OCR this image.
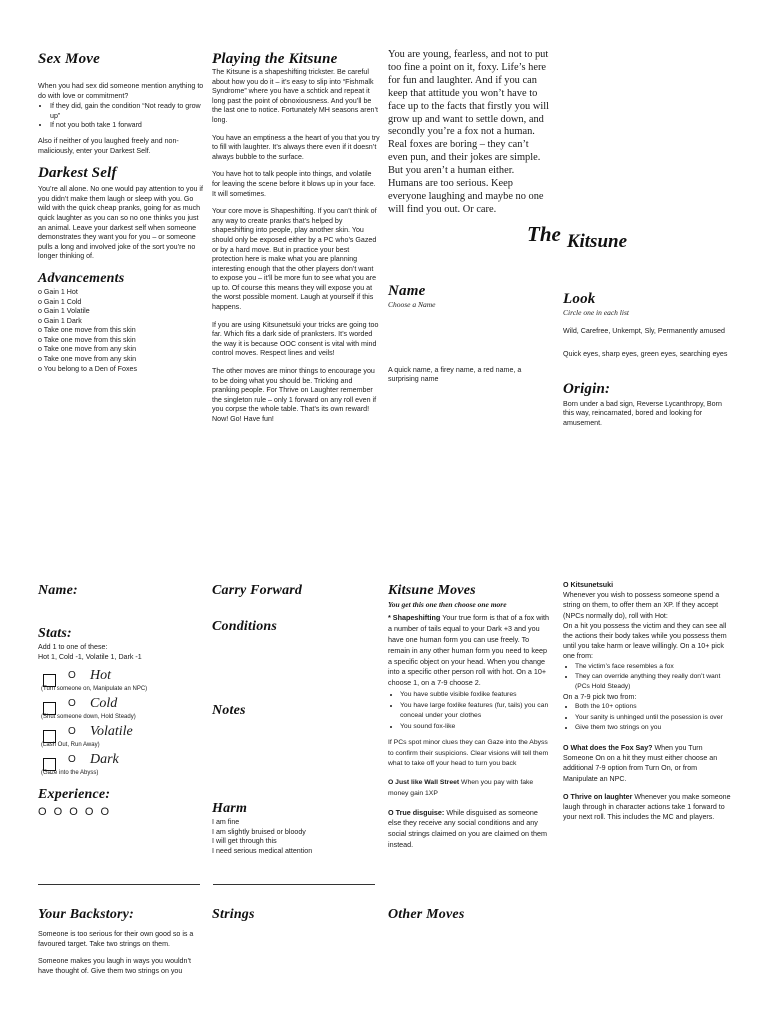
Sex Move

When you had sex did someone mention anything to do with love or commitment?

• If they did, gain the condition “Not ready to grow up”
• If not you both take 1 forward

Also if neither of you laughed freely and non-maliciously, enter your Darkest Self.

Darkest Self

You’re all alone. No one would pay attention to you if you didn’t make them laugh or sleep with you. Go wild with the quick cheap pranks, going for as much quick laughter as you can so no one thinks you just an animal. Leave your darkest self when someone demonstrates they want you for you – or someone pulls a long and involved joke of the sort you’re no longer thinking of.

Advancements
o Gain 1 Hot
o Gain 1 Cold
o Gain 1 Volatile
o Gain 1 Dark
o Take one move from this skin
o Take one move from this skin
o Take one move from any skin
o Take one move from any skin
o You belong to a Den of Foxes
Playing the Kitsune

The Kitsune is a shapeshifting trickster. Be careful about how you do it – it’s easy to slip into “Fishmalk Syndrome” where you have a schtick and repeat it long past the point of obnoxiousness. And you’ll be the last one to notice. Fortunately MH seasons aren’t long.

You have an emptiness a the heart of you that you try to fill with laughter. It’s always there even if it doesn’t always bubble to the surface.

You have hot to talk people into things, and volatile for leaving the scene before it blows up in your face. It will sometimes.

Your core move is Shapeshifting. If you can’t think of any way to create pranks that’s helped by shapeshifting into people, play another skin. You should only be exposed either by a PC who’s Gazed or by a hard move. But in practice your best protection here is make what you are planning interesting enough that the other players don’t want to expose you – it’ll be more fun to see what you are up to. Of course this means they will expose you at the worst possible moment. Laugh at yourself if this happens.

If you are using Kitsunetsuki your tricks are going too far. Which fits a dark side of pranksters. It’s worded the way it is because OOC consent is vital with mind control moves. Respect lines and veils!

The other moves are minor things to encourage you to be doing what you should be. Tricking and pranking people. For Thrive on Laughter remember the singleton rule – only 1 forward on any roll even if you corpse the whole table. That’s its own reward! Now! Go! Have fun!

You are young, fearless, and not to put too fine a point on it, foxy. Life’s here for fun and laughter. And if you can keep that attitude you won’t have to face up to the facts that firstly you will grow up and want to settle down, and secondly you’re a fox not a human. Real foxes are boring – they can’t even pun, and their jokes are simple. But you aren’t a human either. Humans are too serious. Keep everyone laughing and maybe no one will find you out. Or care.
The Kitsune
Name
Choose a Name
A quick name, a firey name, a red name, a surprising name
Look
Circle one in each list

Wild, Carefree, Unkempt, Sly, Permanently amused

Quick eyes, sharp eyes, green eyes, searching eyes

Origin:

Born under a bad sign, Reverse Lycanthropy, Born this way, reincarnated, bored and looking for amusement.

Name:
Stats:
Add 1 to one of these:
Hot 1, Cold -1, Volatile 1, Dark -1
O Hot
(Turn someone on, Manipulate an NPC)
O Cold
(Shut someone down, Hold Steady)
O Volatile
(Lash Out, Run Away)
O Dark
(Gaze into the Abyss)
Experience:
O O O O O
Your Backstory:

Someone is too serious for their own good so is a favoured target. Take two strings on them.

Someone makes you laugh in ways you wouldn’t have thought of. Give them two strings on you

Carry Forward
Conditions
Notes
Harm
I am fine
I am slightly bruised or bloody
I will get through this
I need serious medical attention
Strings
Kitsune Moves
You get this one then choose one more

* Shapeshifting Your true form is that of a fox with a number of tails equal to your Dark +3 and you have one human form you can use freely. To remain in any other human form you need to keep a specific object on your head. When you change into a specific other person roll with hot. On a 10+ choose 1, on a 7-9 choose 2.

• You have subtle visible foxlike features
• You have large foxlike features (fur, tails) you can conceal under your clothes
• You sound fox-like

If PCs spot minor clues they can Gaze into the Abyss to confirm their suspicions. Clear visions will tell them what to take off your head to turn you back

O Just like Wall Street When you pay with fake money gain 1XP

O True disguise: While disguised as someone else they receive any social conditions and any social strings claimed on you are claimed on them instead.

Other Moves
O Kitsunetsuki
Whenever you wish to possess someone spend a string on them, to offer them an XP. If they accept (NPCs normally do), roll with Hot:
On a hit you possess the victim and they can see all the actions their body takes while you possess them until you take harm or leave willingly. On a 10+ pick one from:
• The victim’s face resembles a fox
• They can override anything they really don’t want (PCs Hold Steady)
On a 7-9 pick two from:
• Both the 10+ options
• Your sanity is unhinged until the posession is over
• Give them two strings on you

O What does the Fox Say? When you Turn Someone On on a hit they must either choose an additional 7-9 option from Turn On, or from Manipulate an NPC.

O Thrive on laughter Whenever you make someone laugh through in character actions take 1 forward to your next roll. This includes the MC and players.
